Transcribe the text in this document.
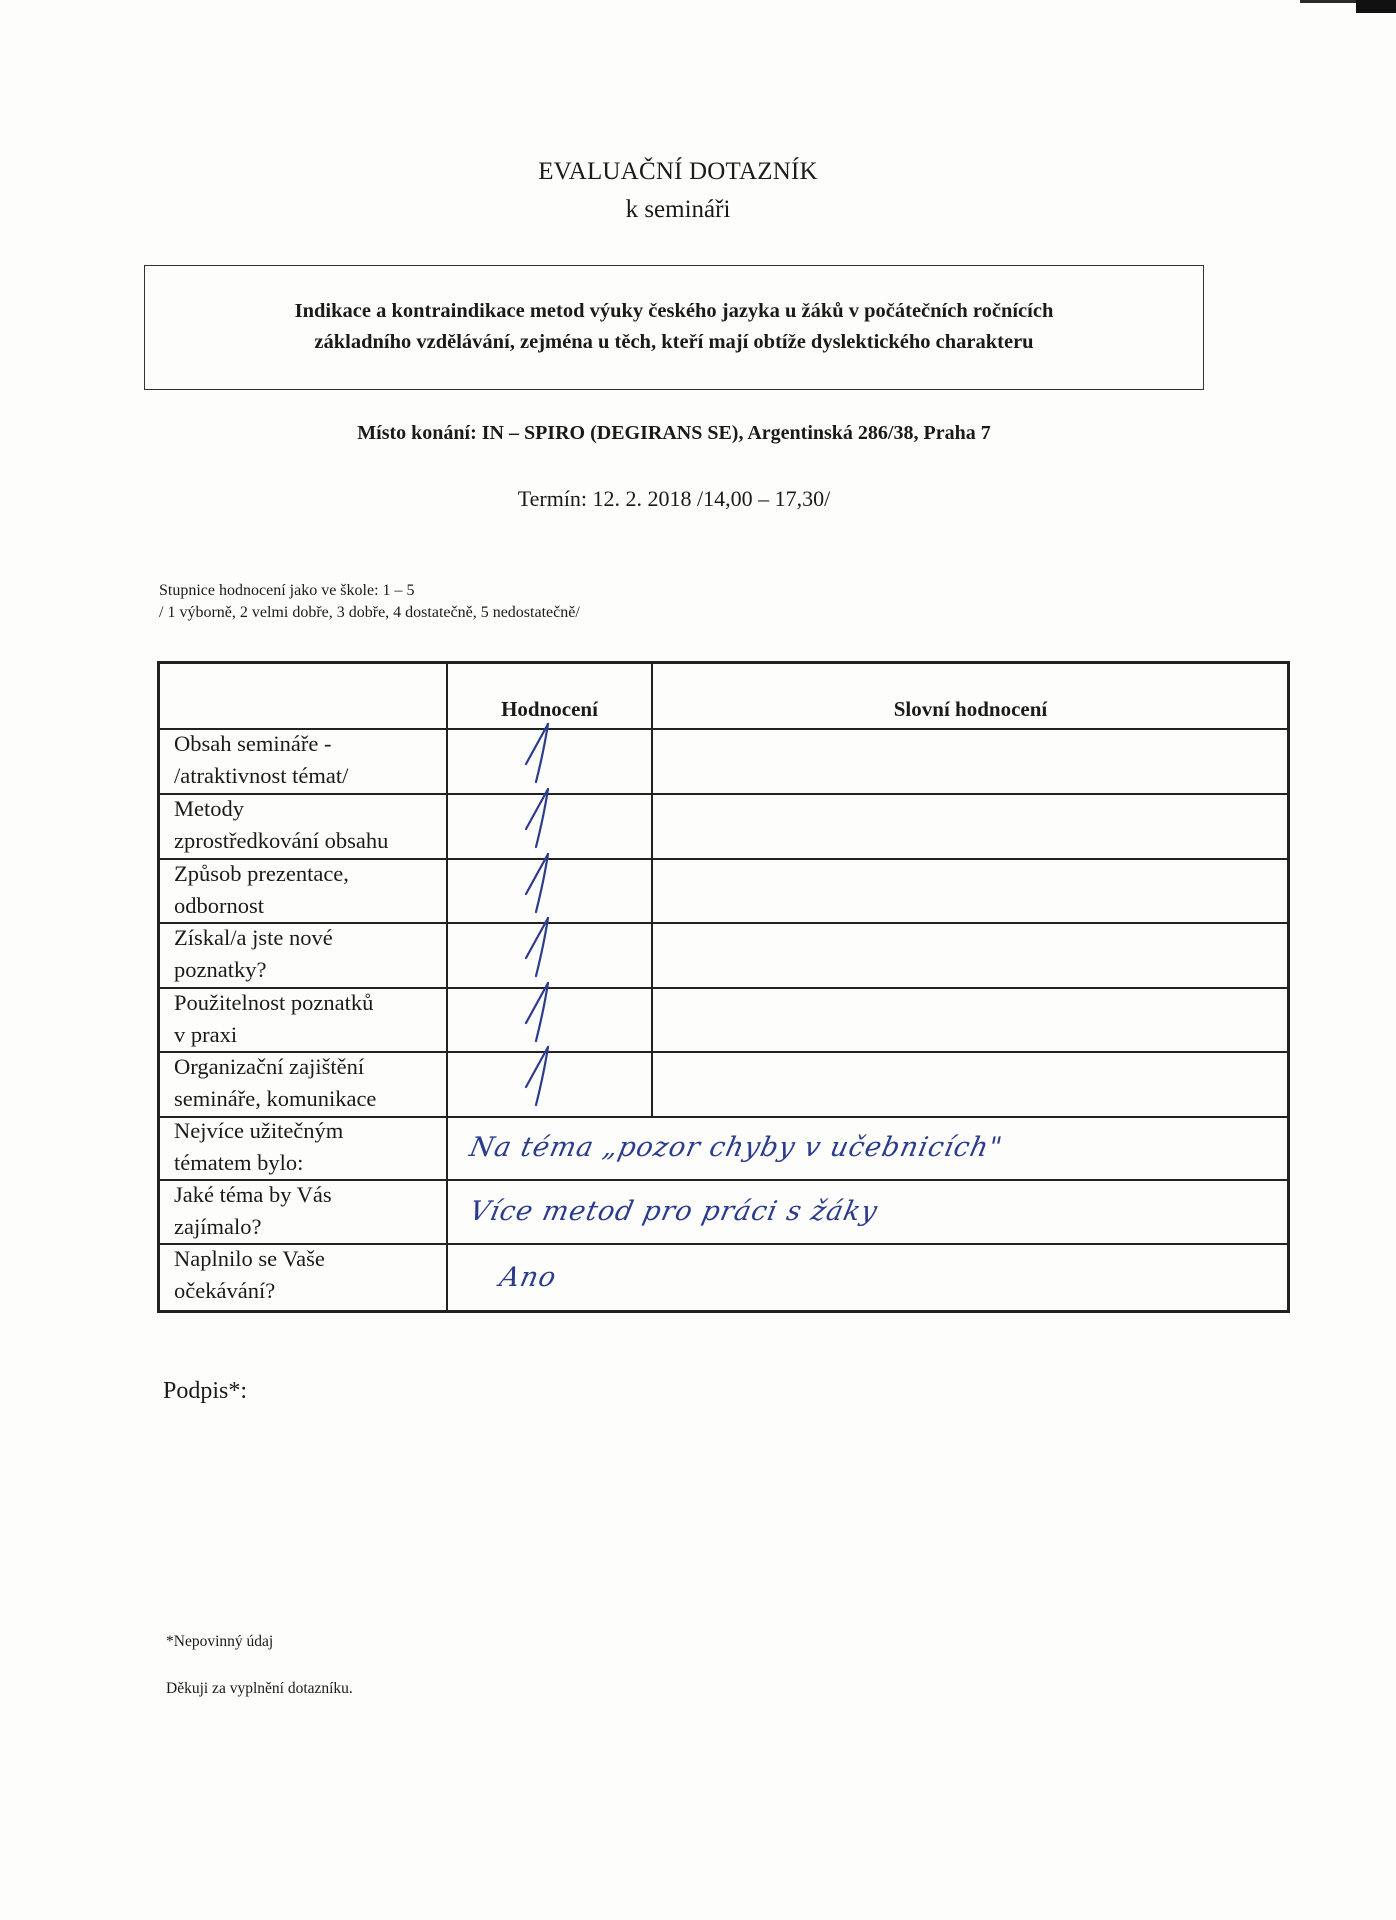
EVALUAČNÍ DOTAZNÍK
k semináři
Indikace a kontraindikace metod výuky českého jazyka u žáků v počátečních ročnících
základního vzdělávání, zejména u těch, kteří mají obtíže dyslektického charakteru
Místo konání: IN – SPIRO (DEGIRANS SE), Argentinská 286/38, Praha 7
Termín: 12. 2. 2018 /14,00 – 17,30/
Stupnice hodnocení jako ve škole: 1 – 5
/ 1 výborně, 2 velmi dobře, 3 dobře, 4 dostatečně, 5 nedostatečně/
Hodnocení	Slovní hodnocení
Obsah semináře -
/atraktivnost témat/
Metody
zprostředkování obsahu
Způsob prezentace,
odbornost
Získal/a jste nové
poznatky?
Použitelnost poznatků
v praxi
Organizační zajištění
semináře, komunikace
Nejvíce užitečným
tématem bylo:
Jaké téma by Vás
zajímalo?
Naplnilo se Vaše
očekávání?
Na téma „pozor chyby v učebnicích"
Více metod pro práci s žáky
Ano
Podpis*:
*Nepovinný údaj
Děkuji za vyplnění dotazníku.
